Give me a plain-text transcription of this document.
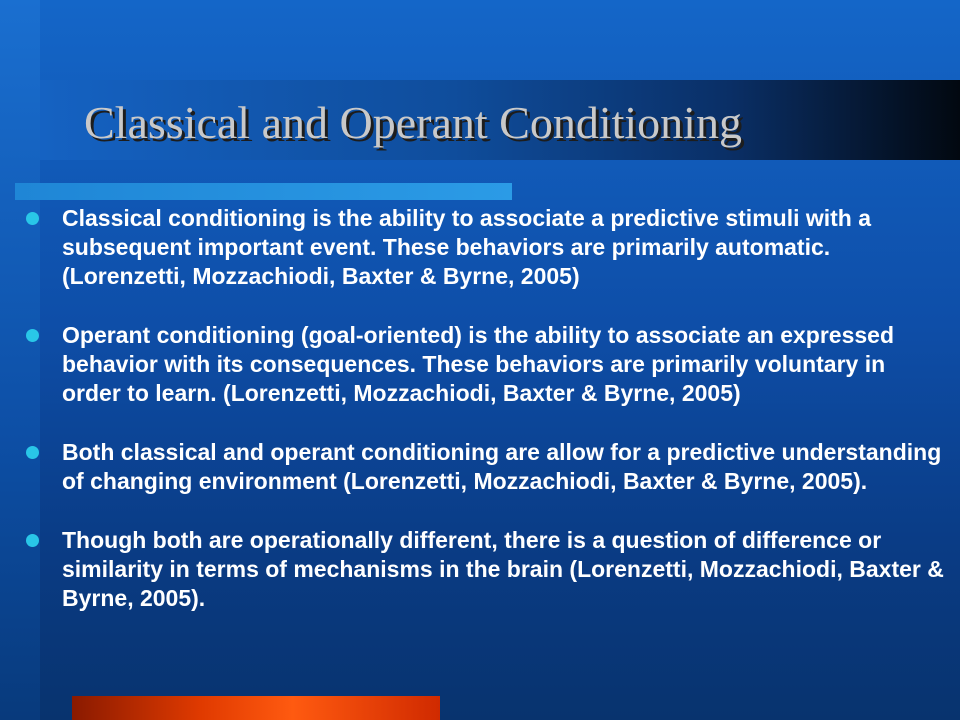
Classical and Operant Conditioning
Classical conditioning is the ability to associate a predictive stimuli with a subsequent important event. These behaviors are primarily automatic. (Lorenzetti, Mozzachiodi, Baxter & Byrne, 2005)
Operant conditioning (goal-oriented) is the ability to associate an expressed behavior with its consequences. These behaviors are primarily voluntary in order to learn. (Lorenzetti, Mozzachiodi, Baxter & Byrne, 2005)
Both classical and operant conditioning are allow for a predictive understanding of changing environment (Lorenzetti, Mozzachiodi, Baxter & Byrne, 2005).
Though both are operationally different, there is a question of difference or similarity in terms of mechanisms in the brain (Lorenzetti, Mozzachiodi, Baxter & Byrne, 2005).
